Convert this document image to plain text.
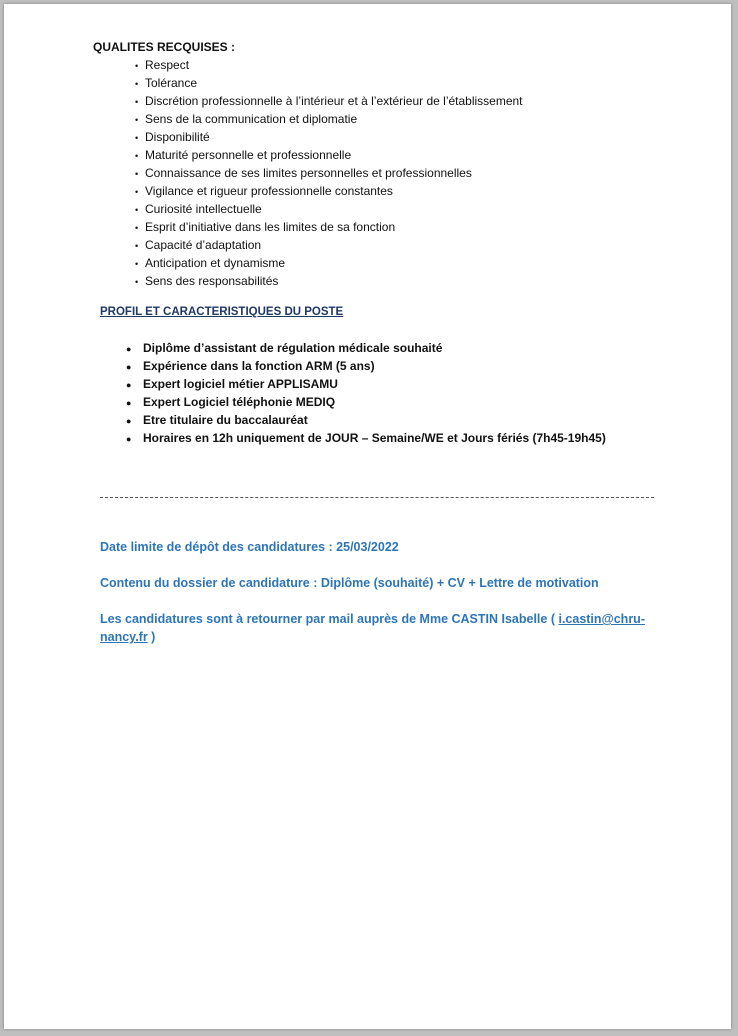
QUALITES RECQUISES :
• Respect
• Tolérance
• Discrétion professionnelle à l’intérieur et à l’extérieur de l’établissement
• Sens de la communication et diplomatie
• Disponibilité
• Maturité personnelle et professionnelle
• Connaissance de ses limites personnelles et professionnelles
• Vigilance et rigueur professionnelle constantes
• Curiosité intellectuelle
• Esprit d’initiative dans les limites de sa fonction
• Capacité d’adaptation
• Anticipation et dynamisme
• Sens des responsabilités
PROFIL ET CARACTERISTIQUES DU POSTE
● Diplôme d’assistant de régulation médicale souhaité
● Expérience dans la fonction ARM (5 ans)
● Expert logiciel métier APPLISAMU
● Expert Logiciel téléphonie MEDIQ
● Etre titulaire du baccalauréat
● Horaires en 12h uniquement de JOUR – Semaine/WE et Jours fériés (7h45-19h45)
Date limite de dépôt des candidatures : 25/03/2022
Contenu du dossier de candidature : Diplôme (souhaité) + CV + Lettre de motivation
Les candidatures sont à retourner par mail auprès de Mme CASTIN Isabelle ( i.castin@chru-nancy.fr )
